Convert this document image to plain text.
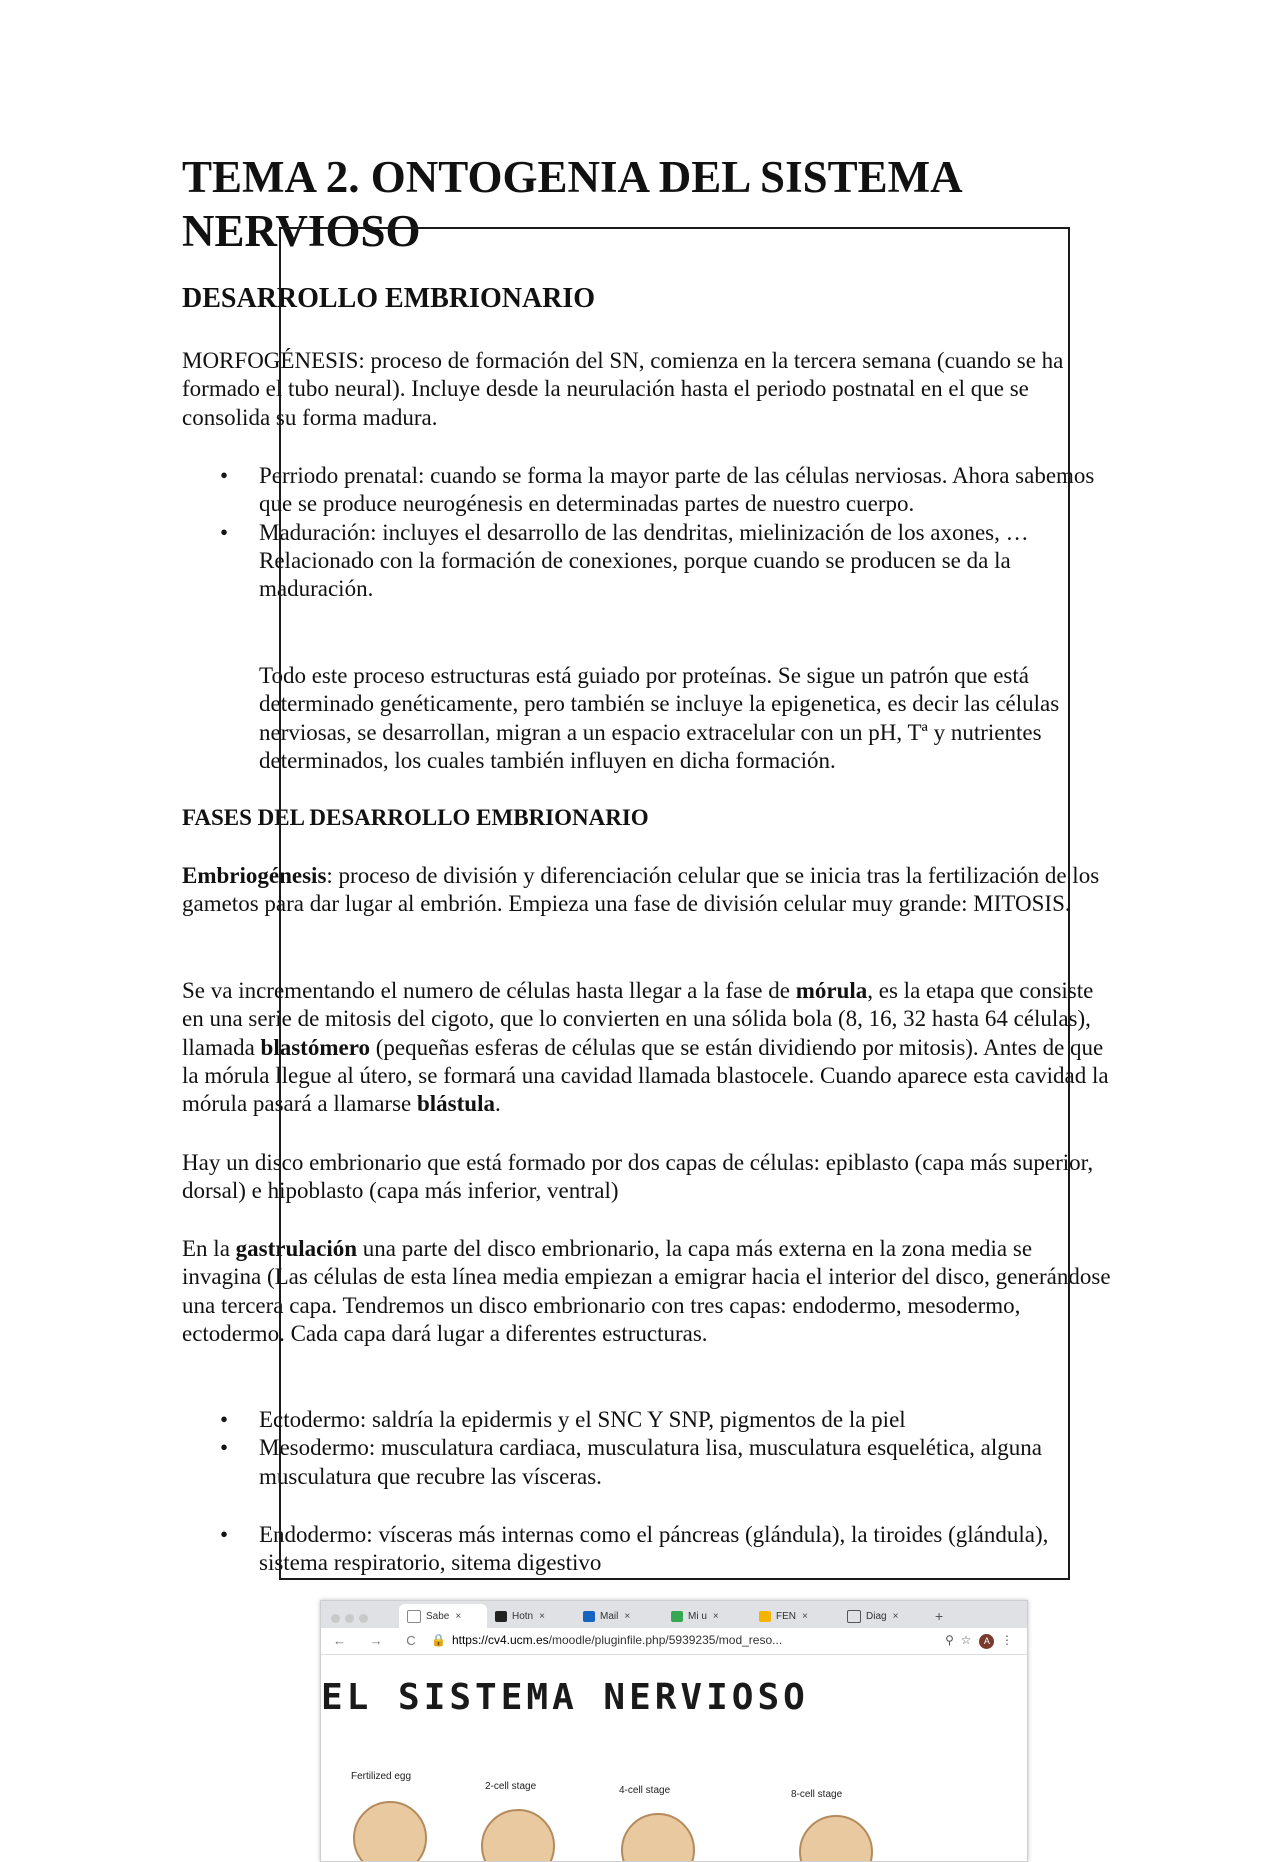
TEMA 2. ONTOGENIA DEL SISTEMA NERVIOSO
DESARROLLO EMBRIONARIO

MORFOGÉNESIS: proceso de formación del SN, comienza en la tercera semana (cuando se ha formado el tubo neural). Incluye desde la neurulación hasta el periodo postnatal en el que se consolida su forma madura.

• Perriodo prenatal: cuando se forma la mayor parte de las células nerviosas. Ahora sabemos que se produce neurogénesis en determinadas partes de nuestro cuerpo.
• Maduración: incluyes el desarrollo de las dendritas, mielinización de los axones, … Relacionado con la formación de conexiones, porque cuando se producen se da la maduración.

Todo este proceso estructuras está guiado por proteínas. Se sigue un patrón que está determinado genéticamente, pero también se incluye la epigenetica, es decir las células nerviosas, se desarrollan, migran a un espacio extracelular con un pH, Tª y nutrientes determinados, los cuales también influyen en dicha formación.

FASES DEL DESARROLLO EMBRIONARIO

Embriogénesis: proceso de división y diferenciación celular que se inicia tras la fertilización de los gametos para dar lugar al embrión. Empieza una fase de división celular muy grande: MITOSIS.

Se va incrementando el numero de células hasta llegar a la fase de mórula, es la etapa que consiste en una serie de mitosis del cigoto, que lo convierten en una sólida bola (8, 16, 32 hasta 64 células), llamada blastómero (pequeñas esferas de células que se están dividiendo por mitosis). Antes de que la mórula llegue al útero, se formará una cavidad llamada blastocele. Cuando aparece esta cavidad la mórula pasará a llamarse blástula.

Hay un disco embrionario que está formado por dos capas de células: epiblasto (capa más superior, dorsal) e hipoblasto (capa más inferior, ventral)

En la gastrulación una parte del disco embrionario, la capa más externa en la zona media se invagina (Las células de esta línea media empiezan a emigrar hacia el interior del disco, generándose una tercera capa. Tendremos un disco embrionario con tres capas: endodermo, mesodermo, ectodermo. Cada capa dará lugar a diferentes estructuras.

• Ectodermo: saldría la epidermis y el SNC Y SNP, pigmentos de la piel
• Mesodermo: musculatura cardiaca, musculatura lisa, musculatura esquelética, alguna musculatura que recubre las vísceras.
• Endodermo: vísceras más internas como el páncreas (glándula), la tiroides (glándula), sistema respiratorio, sitema digestivo
Sabe ×	Hotn ×	Mail ×	Mi u ×	FEN ×	Diag ×	+
← → C 🔒 https://cv4.ucm.es/moodle/pluginfile.php/5939235/mod_reso...	⚲ ☆ A ⋮
EL SISTEMA NERVIOSO
Fertilized egg
2-cell stage	4-cell stage	8-cell stage
